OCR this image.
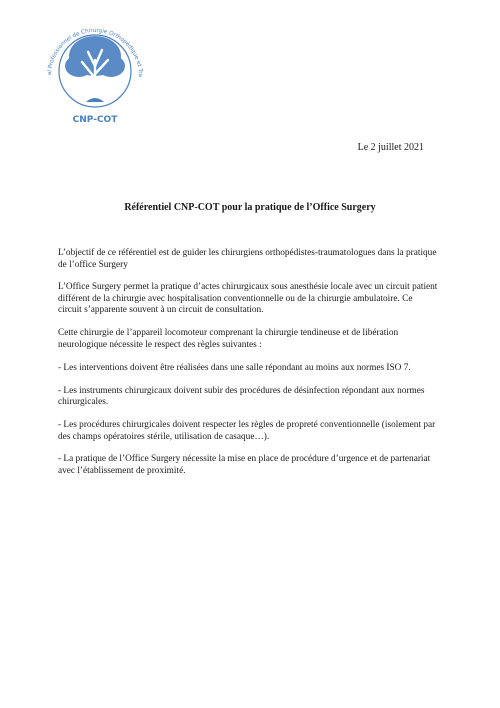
al Professionnel de Chirurgie Orthopédique et Tra
CNP-COT
Le 2 juillet 2021
Référentiel CNP-COT pour la pratique de l’Office Surgery

L’objectif de ce référentiel est de guider les chirurgiens orthopédistes-traumatologues dans la pratique de l’office Surgery

L’Office Surgery permet la pratique d’actes chirurgicaux sous anesthésie locale avec un circuit patient différent de la chirurgie avec hospitalisation conventionnelle ou de la chirurgie ambulatoire. Ce circuit s’apparente souvent à un circuit de consultation.

Cette chirurgie de l’appareil locomoteur comprenant la chirurgie tendineuse et de libération neurologique nécessite le respect des règles suivantes :

- Les interventions doivent être réalisées dans une salle répondant au moins aux normes ISO 7.

- Les instruments chirurgicaux doivent subir des procédures de désinfection répondant aux normes chirurgicales.

- Les procédures chirurgicales doivent respecter les règles de propreté conventionnelle (isolement par des champs opératoires stérile, utilisation de casaque…).

- La pratique de l’Office Surgery nécessite la mise en place de procédure d’urgence et de partenariat avec l’établissement de proximité.
